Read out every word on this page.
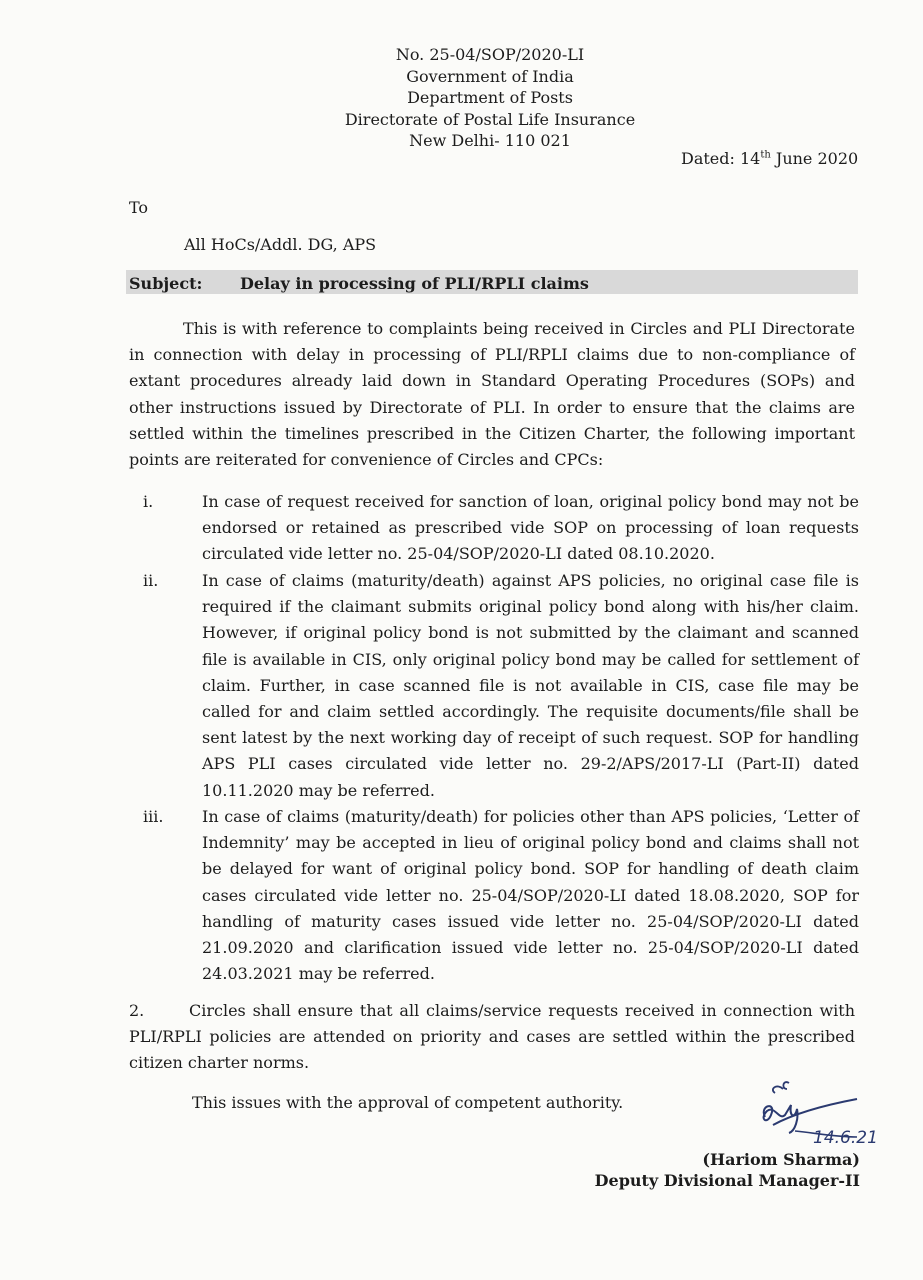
No. 25-04/SOP/2020-LI
Government of India
Department of Posts
Directorate of Postal Life Insurance
New Delhi- 110 021
Dated: 14th June 2020
To
All HoCs/Addl. DG, APS
Subject: Delay in processing of PLI/RPLI claims
This is with reference to complaints being received in Circles and PLI Directorate in connection with delay in processing of PLI/RPLI claims due to non-compliance of extant procedures already laid down in Standard Operating Procedures (SOPs) and other instructions issued by Directorate of PLI. In order to ensure that the claims are settled within the timelines prescribed in the Citizen Charter, the following important points are reiterated for convenience of Circles and CPCs:
i.	In case of request received for sanction of loan, original policy bond may not be endorsed or retained as prescribed vide SOP on processing of loan requests circulated vide letter no. 25-04/SOP/2020-LI dated 08.10.2020.
ii.	In case of claims (maturity/death) against APS policies, no original case file is required if the claimant submits original policy bond along with his/her claim. However, if original policy bond is not submitted by the claimant and scanned file is available in CIS, only original policy bond may be called for settlement of claim. Further, in case scanned file is not available in CIS, case file may be called for and claim settled accordingly. The requisite documents/file shall be sent latest by the next working day of receipt of such request. SOP for handling APS PLI cases circulated vide letter no. 29-2/APS/2017-LI (Part-II) dated 10.11.2020 may be referred.
iii. In case of claims (maturity/death) for policies other than APS policies, ‘Letter of Indemnity’ may be accepted in lieu of original policy bond and claims shall not be delayed for want of original policy bond. SOP for handling of death claim cases circulated vide letter no. 25-04/SOP/2020-LI dated 18.08.2020, SOP for handling of maturity cases issued vide letter no. 25-04/SOP/2020-LI dated 21.09.2020 and clarification issued vide letter no. 25-04/SOP/2020-LI dated 24.03.2021 may be referred.
2.	Circles shall ensure that all claims/service requests received in connection with PLI/RPLI policies are attended on priority and cases are settled within the prescribed citizen charter norms.
This issues with the approval of competent authority.
14.6.21
(Hariom Sharma)
Deputy Divisional Manager-II
